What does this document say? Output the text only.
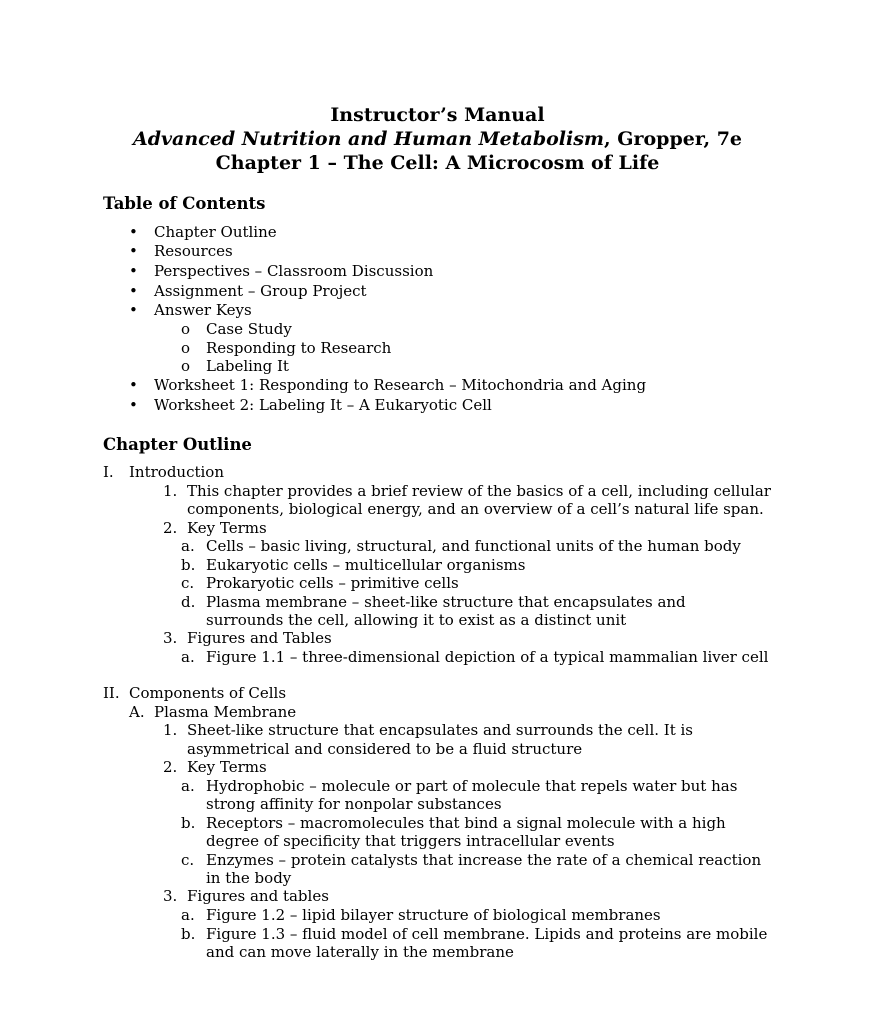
Instructor’s Manual
Advanced Nutrition and Human Metabolism, Gropper, 7e
Chapter 1 – The Cell: A Microcosm of Life
Table of Contents
• Chapter Outline
• Resources
• Perspectives – Classroom Discussion
• Assignment – Group Project
• Answer Keys
o Case Study
o Responding to Research
o Labeling It
• Worksheet 1: Responding to Research – Mitochondria and Aging
• Worksheet 2: Labeling It – A Eukaryotic Cell
Chapter Outline
I. Introduction
1. This chapter provides a brief review of the basics of a cell, including cellular
components, biological energy, and an overview of a cell’s natural life span.
2. Key Terms
a. Cells – basic living, structural, and functional units of the human body
b. Eukaryotic cells – multicellular organisms
c. Prokaryotic cells – primitive cells
d. Plasma membrane – sheet-like structure that encapsulates and
surrounds the cell, allowing it to exist as a distinct unit
3. Figures and Tables
a. Figure 1.1 – three-dimensional depiction of a typical mammalian liver cell
II. Components of Cells
A. Plasma Membrane
1. Sheet-like structure that encapsulates and surrounds the cell. It is
asymmetrical and considered to be a fluid structure
2. Key Terms
a. Hydrophobic – molecule or part of molecule that repels water but has
strong affinity for nonpolar substances
b. Receptors – macromolecules that bind a signal molecule with a high
degree of specificity that triggers intracellular events
c. Enzymes – protein catalysts that increase the rate of a chemical reaction
in the body
3. Figures and tables
a. Figure 1.2 – lipid bilayer structure of biological membranes
b. Figure 1.3 – fluid model of cell membrane. Lipids and proteins are mobile
and can move laterally in the membrane
